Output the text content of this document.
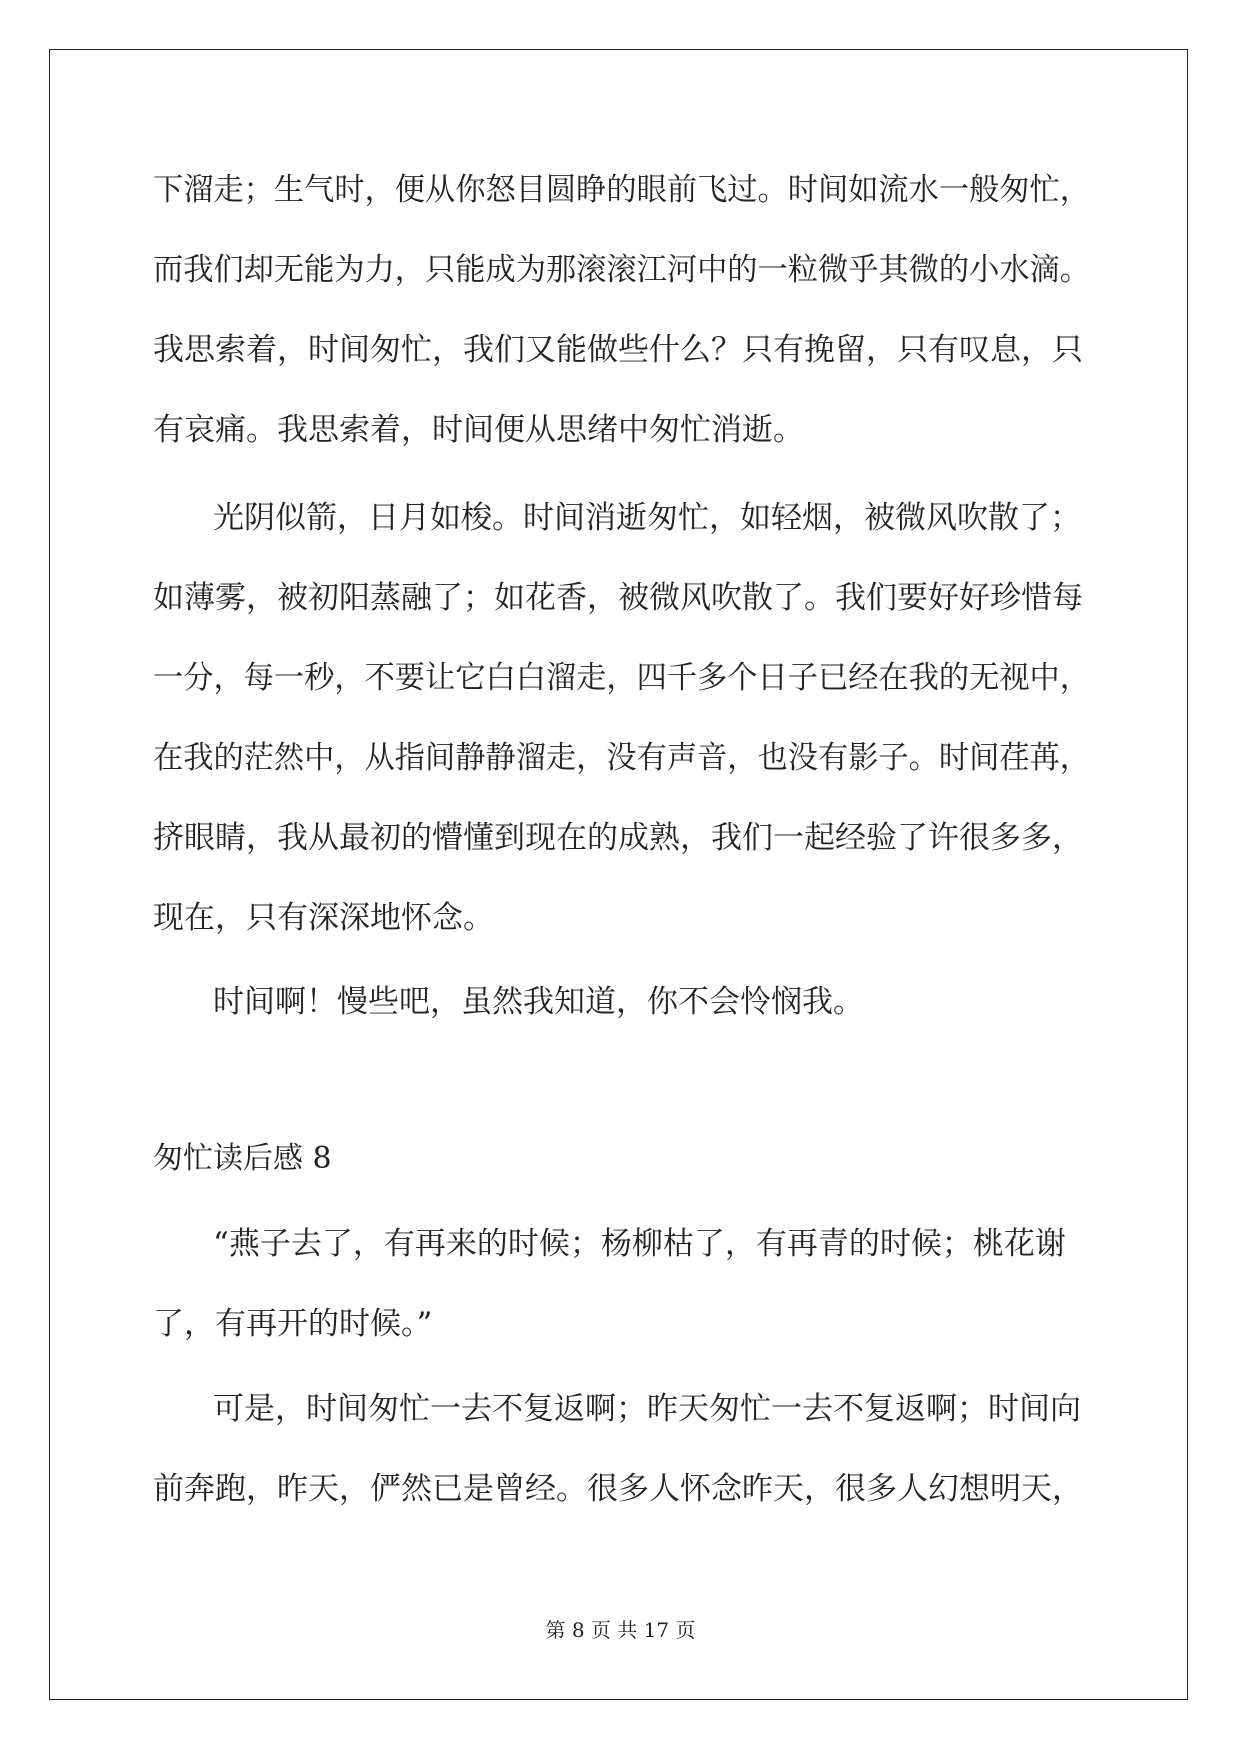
下溜走；生气时，便从你怒目圆睁的眼前飞过。时间如流水一般匆忙，
而我们却无能为力，只能成为那滚滚江河中的一粒微乎其微的小水滴。
我思索着，时间匆忙，我们又能做些什么？只有挽留，只有叹息，只
有哀痛。我思索着，时间便从思绪中匆忙消逝。
光阴似箭，日月如梭。时间消逝匆忙，如轻烟，被微风吹散了；
如薄雾，被初阳蒸融了；如花香，被微风吹散了。我们要好好珍惜每
一分，每一秒，不要让它白白溜走，四千多个日子已经在我的无视中，
在我的茫然中，从指间静静溜走，没有声音，也没有影子。时间荏苒，
挤眼睛，我从最初的懵懂到现在的成熟，我们一起经验了许很多多，
现在，只有深深地怀念。
时间啊！慢些吧，虽然我知道，你不会怜悯我。
匆忙读后感 8
“燕子去了，有再来的时候；杨柳枯了，有再青的时候；桃花谢
了，有再开的时候。”
可是，时间匆忙一去不复返啊；昨天匆忙一去不复返啊；时间向
前奔跑，昨天，俨然已是曾经。很多人怀念昨天，很多人幻想明天，
第 8 页 共 17 页
